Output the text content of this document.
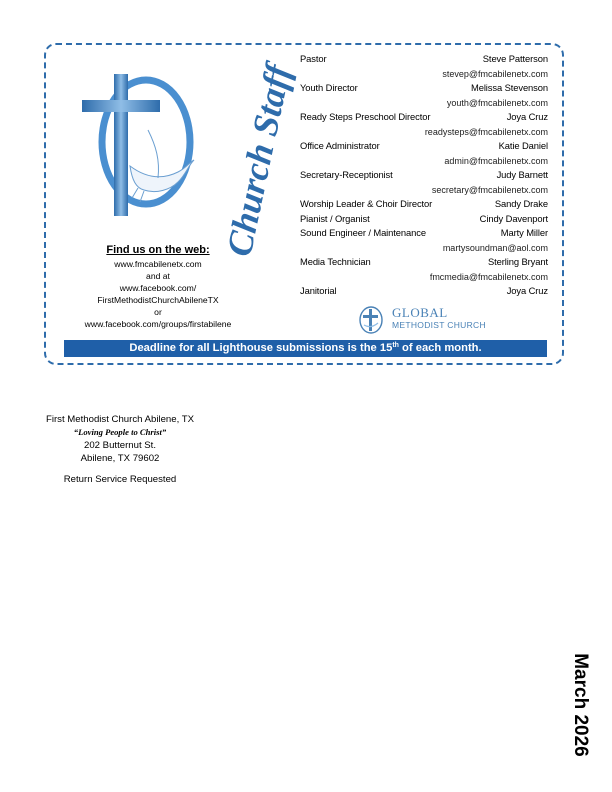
Church Staff
Find us on the web:
www.fmcabilenetx.com
and at
www.facebook.com/
FirstMethodistChurchAbileneTX
or
www.facebook.com/groups/firstabilene
Pastor	Steve Patterson
stevep@fmcabilenetx.com
Youth Director	Melissa Stevenson
youth@fmcabilenetx.com
Ready Steps Preschool Director	Joya Cruz
readysteps@fmcabilenetx.com
Office Administrator	Katie Daniel
admin@fmcabilenetx.com
Secretary-Receptionist	Judy Barnett
secretary@fmcabilenetx.com
Worship Leader & Choir Director	Sandy Drake
Pianist / Organist	Cindy Davenport
Sound Engineer / Maintenance	Marty Miller
martysoundman@aol.com
Media Technician	Sterling Bryant
fmcmedia@fmcabilenetx.com
Janitorial	Joya Cruz
GLOBAL
METHODIST CHURCH
Deadline for all Lighthouse submissions is the 15th of each month.
First Methodist Church Abilene, TX
“Loving People to Christ”
202 Butternut St.
Abilene, TX 79602
Return Service Requested
March 2026
